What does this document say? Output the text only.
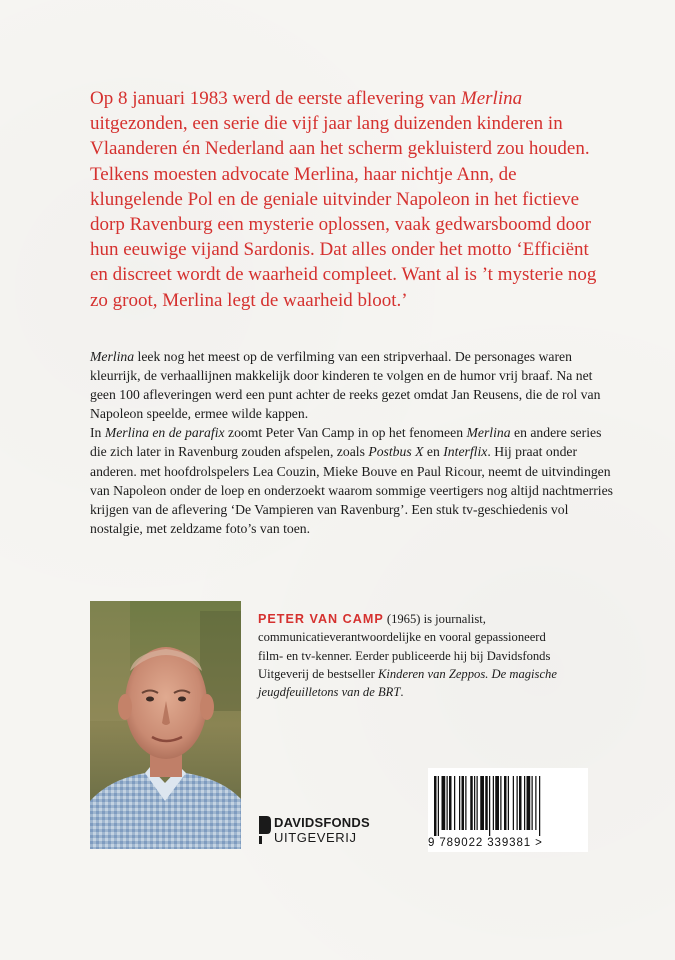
Op 8 januari 1983 werd de eerste aflevering van Merlina uitgezonden, een serie die vijf jaar lang duizenden kinderen in Vlaanderen én Nederland aan het scherm gekluisterd zou houden. Telkens moesten advocate Merlina, haar nichtje Ann, de klungelende Pol en de geniale uitvinder Napoleon in het fictieve dorp Ravenburg een mysterie oplossen, vaak gedwarsboomd door hun eeuwige vijand Sardonis. Dat alles onder het motto ‘Efficiënt en discreet wordt de waarheid compleet. Want al is ’t mysterie nog zo groot, Merlina legt de waarheid bloot.’

Merlina leek nog het meest op de verfilming van een stripverhaal. De personages waren kleurrijk, de verhaallijnen makkelijk door kinderen te volgen en de humor vrij braaf. Na net geen 100 afleveringen werd een punt achter de reeks gezet omdat Jan Reusens, die de rol van Napoleon speelde, ermee wilde kappen.

In Merlina en de parafix zoomt Peter Van Camp in op het fenomeen Merlina en andere series die zich later in Ravenburg zouden afspelen, zoals Postbus X en Interflix. Hij praat onder anderen. met hoofdrolspelers Lea Couzin, Mieke Bouve en Paul Ricour, neemt de uitvindingen van Napoleon onder de loep en onderzoekt waarom sommige veertigers nog altijd nachtmerries krijgen van de aflevering ‘De Vampieren van Ravenburg’. Een stuk tv-geschiedenis vol nostalgie, met zeldzame foto’s van toen.

PETER VAN CAMP (1965) is journalist, communicatieverantwoordelijke en vooral gepassioneerd film- en tv-kenner. Eerder publiceerde hij bij Davidsfonds Uitgeverij de bestseller Kinderen van Zeppos. De magische jeugdfeuilletons van de BRT.

DAVIDSFONDS
UITGEVERIJ	9 789022 339381 >
